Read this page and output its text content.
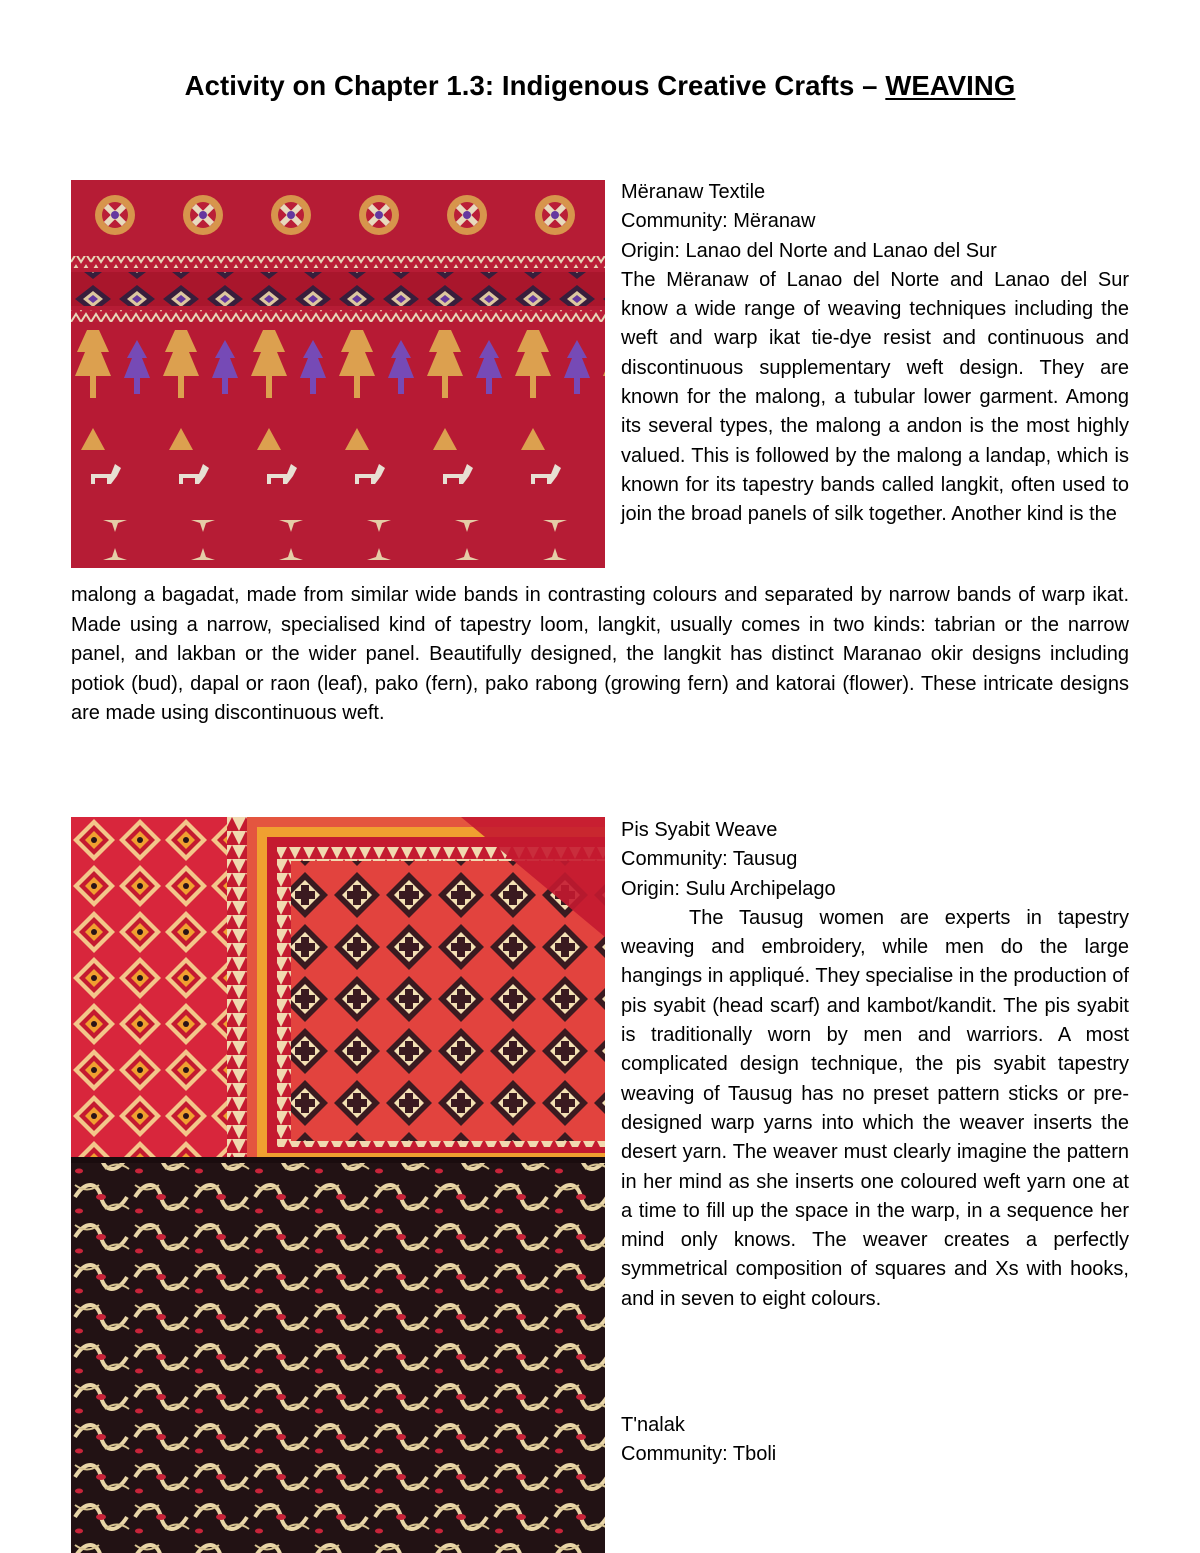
Activity on Chapter 1.3: Indigenous Creative Crafts – WEAVING
Mëranaw Textile
Community: Mëranaw
Origin: Lanao del Norte and Lanao del Sur

The Mëranaw of Lanao del Norte and Lanao del Sur know a wide range of weaving techniques including the weft and warp ikat tie-dye resist and continuous and discontinuous supplementary weft design. They are known for the malong, a tubular lower garment. Among its several types, the malong a andon is the most highly valued. This is followed by the malong a landap, which is known for its tapestry bands called langkit, often used to join the broad panels of silk together. Another kind is the

malong a bagadat, made from similar wide bands in contrasting colours and separated by narrow bands of warp ikat. Made using a narrow, specialised kind of tapestry loom, langkit, usually comes in two kinds: tabrian or the narrow panel, and lakban or the wider panel. Beautifully designed, the langkit has distinct Maranao okir designs including potiok (bud), dapal or raon (leaf), pako (fern), pako rabong (growing fern) and katorai (flower). These intricate designs are made using discontinuous weft.

Pis Syabit Weave
Community: Tausug
Origin: Sulu Archipelago

The Tausug women are experts in tapestry weaving and embroidery, while men do the large hangings in appliqué. They specialise in the production of pis syabit (head scarf) and kambot/kandit. The pis syabit is traditionally worn by men and warriors. A most complicated design technique, the pis syabit tapestry weaving of Tausug has no preset pattern sticks or pre-designed warp yarns into which the weaver inserts the desert yarn. The weaver must clearly imagine the pattern in her mind as she inserts one coloured weft yarn one at a time to fill up the space in the warp, in a sequence her mind only knows. The weaver creates a perfectly symmetrical composition of squares and Xs with hooks, and in seven to eight colours.

T'nalak
Community: Tboli
